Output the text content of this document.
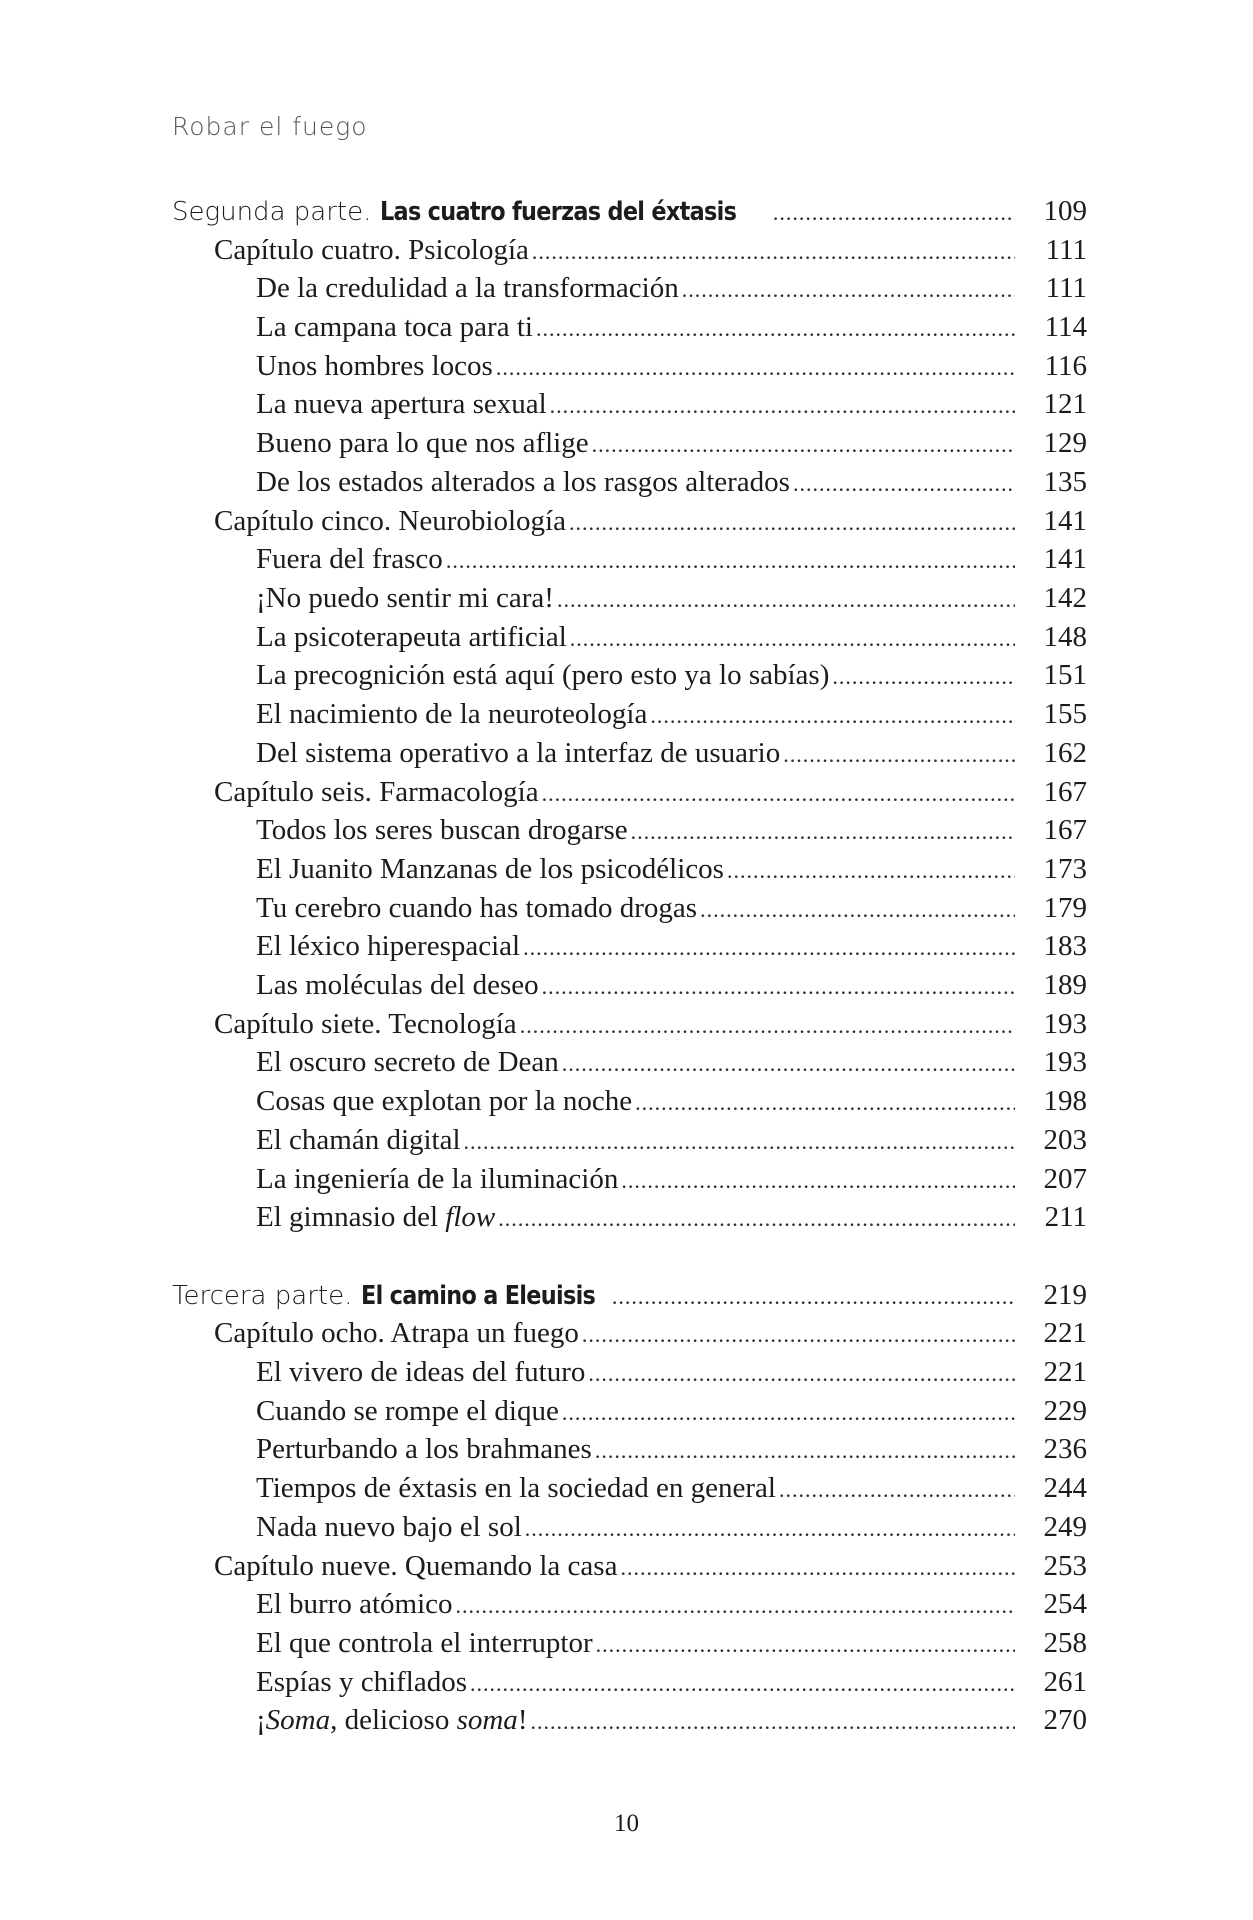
Robar el fuego
Segunda parte. Las cuatro fuerzas del éxtasis .....	109
Capítulo cuatro. Psicología .....	111
De la credulidad a la transformación .....	111
La campana toca para ti .....	114
Unos hombres locos .....	116
La nueva apertura sexual .....	121
Bueno para lo que nos aflige .....	129
De los estados alterados a los rasgos alterados .....	135
Capítulo cinco. Neurobiología .....	141
Fuera del frasco .....	141
¡No puedo sentir mi cara! .....	142
La psicoterapeuta artificial .....	148
La precognición está aquí (pero esto ya lo sabías) .....	151
El nacimiento de la neuroteología .....	155
Del sistema operativo a la interfaz de usuario .....	162
Capítulo seis. Farmacología .....	167
Todos los seres buscan drogarse .....	167
El Juanito Manzanas de los psicodélicos .....	173
Tu cerebro cuando has tomado drogas .....	179
El léxico hiperespacial .....	183
Las moléculas del deseo .....	189
Capítulo siete. Tecnología .....	193
El oscuro secreto de Dean .....	193
Cosas que explotan por la noche .....	198
El chamán digital .....	203
La ingeniería de la iluminación .....	207
El gimnasio del flow .....	211
Tercera parte. El camino a Eleuisis .....	219
Capítulo ocho. Atrapa un fuego .....	221
El vivero de ideas del futuro .....	221
Cuando se rompe el dique .....	229
Perturbando a los brahmanes .....	236
Tiempos de éxtasis en la sociedad en general .....	244
Nada nuevo bajo el sol .....	249
Capítulo nueve. Quemando la casa .....	253
El burro atómico .....	254
El que controla el interruptor .....	258
Espías y chiflados .....	261
¡Soma, delicioso soma! .....	270
10
